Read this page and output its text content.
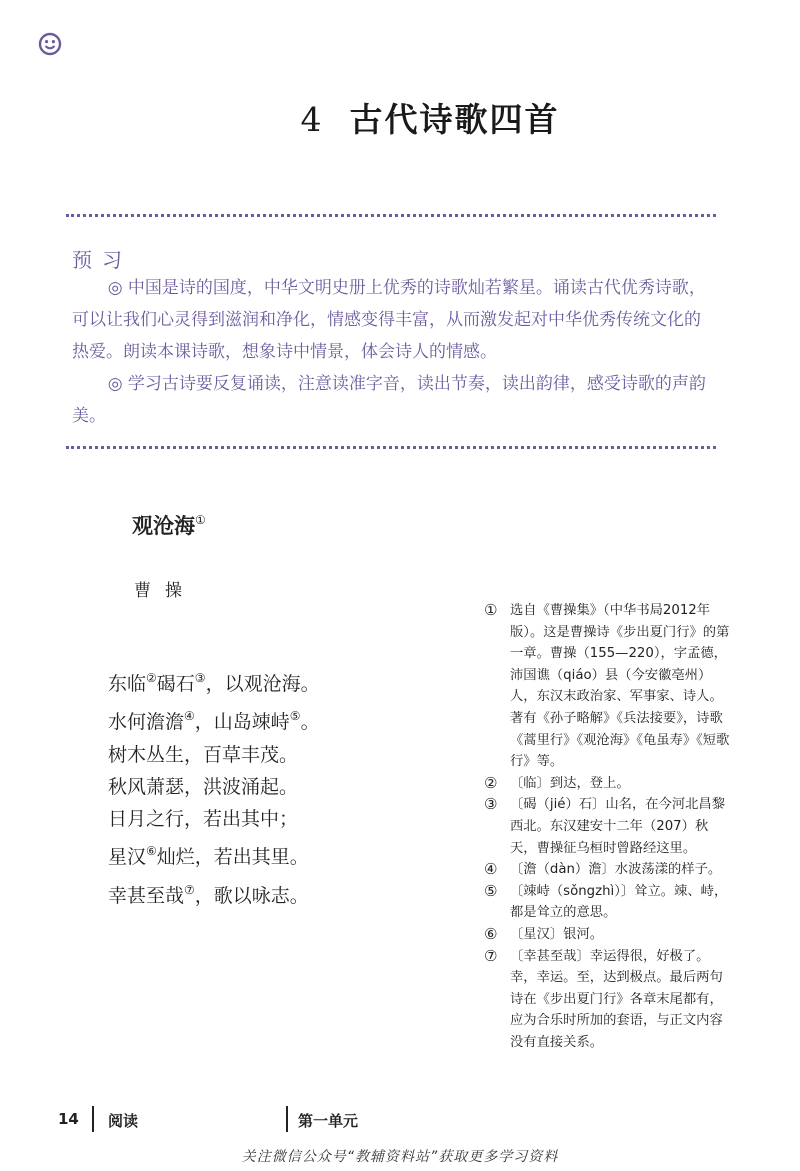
4 古代诗歌四首
预习

◎ 中国是诗的国度，中华文明史册上优秀的诗歌灿若繁星。诵读古代优秀诗歌，可以让我们心灵得到滋润和净化，情感变得丰富，从而激发起对中华优秀传统文化的热爱。朗读本课诗歌，想象诗中情景，体会诗人的情感。

◎ 学习古诗要反复诵读，注意读准字音，读出节奏，读出韵律，感受诗歌的声韵美。

观沧海①
曹操
东临②碣石③，以观沧海。
水何澹澹④，山岛竦峙⑤。
树木丛生，百草丰茂。
秋风萧瑟，洪波涌起。
日月之行，若出其中；
星汉⑥灿烂，若出其里。
幸甚至哉⑦，歌以咏志。
① 选自《曹操集》（中华书局2012年版）。这是曹操诗《步出夏门行》的第一章。曹操（155—220），字孟德，沛国谯（qiáo）县（今安徽亳州）人，东汉末政治家、军事家、诗人。著有《孙子略解》《兵法接要》，诗歌《蒿里行》《观沧海》《龟虽寿》《短歌行》等。
② 〔临〕到达，登上。
③ 〔碣（jié）石〕山名，在今河北昌黎西北。东汉建安十二年（207）秋天，曹操征乌桓时曾路经这里。
④ 〔澹（dàn）澹〕水波荡漾的样子。
⑤ 〔竦峙（sǒngzhì）〕耸立。竦、峙，都是耸立的意思。
⑥ 〔星汉〕银河。
⑦ 〔幸甚至哉〕幸运得很，好极了。幸，幸运。至，达到极点。最后两句诗在《步出夏门行》各章末尾都有，应为合乐时所加的套语，与正文内容没有直接关系。
14 阅读	第一单元
关注微信公众号“教辅资料站”获取更多学习资料
